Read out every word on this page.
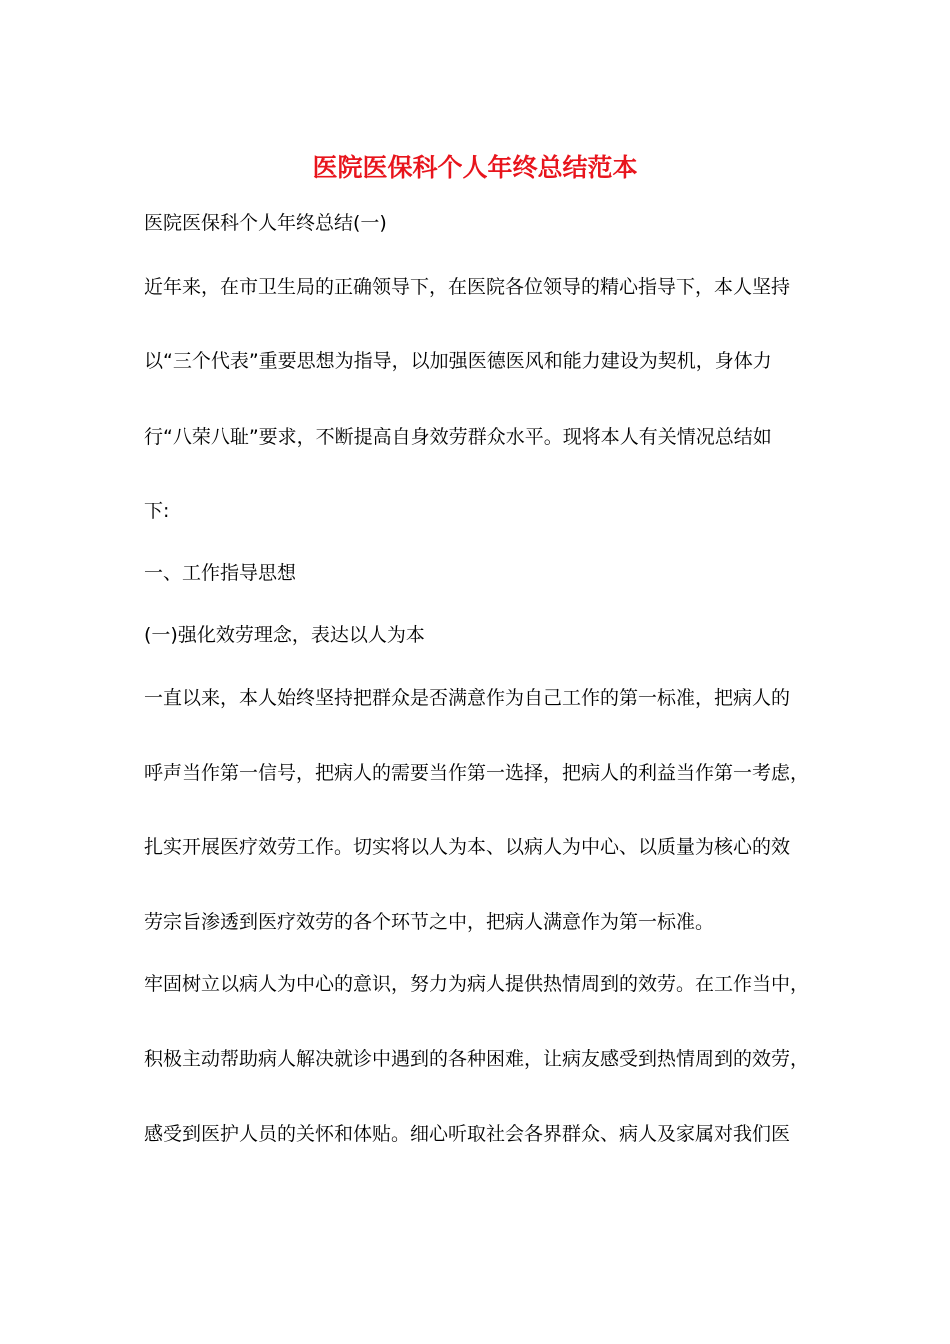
医院医保科个人年终总结范本
医院医保科个人年终总结(一)
近年来，在市卫生局的正确领导下，在医院各位领导的精心指导下，本人坚持
以“三个代表”重要思想为指导，以加强医德医风和能力建设为契机，身体力
行“八荣八耻”要求，不断提高自身效劳群众水平。现将本人有关情况总结如
下:
一、工作指导思想
(一)强化效劳理念，表达以人为本
一直以来，本人始终坚持把群众是否满意作为自己工作的第一标准，把病人的
呼声当作第一信号，把病人的需要当作第一选择，把病人的利益当作第一考虑，
扎实开展医疗效劳工作。切实将以人为本、以病人为中心、以质量为核心的效
劳宗旨渗透到医疗效劳的各个环节之中，把病人满意作为第一标准。
牢固树立以病人为中心的意识，努力为病人提供热情周到的效劳。在工作当中，
积极主动帮助病人解决就诊中遇到的各种困难，让病友感受到热情周到的效劳，
感受到医护人员的关怀和体贴。细心听取社会各界群众、病人及家属对我们医
